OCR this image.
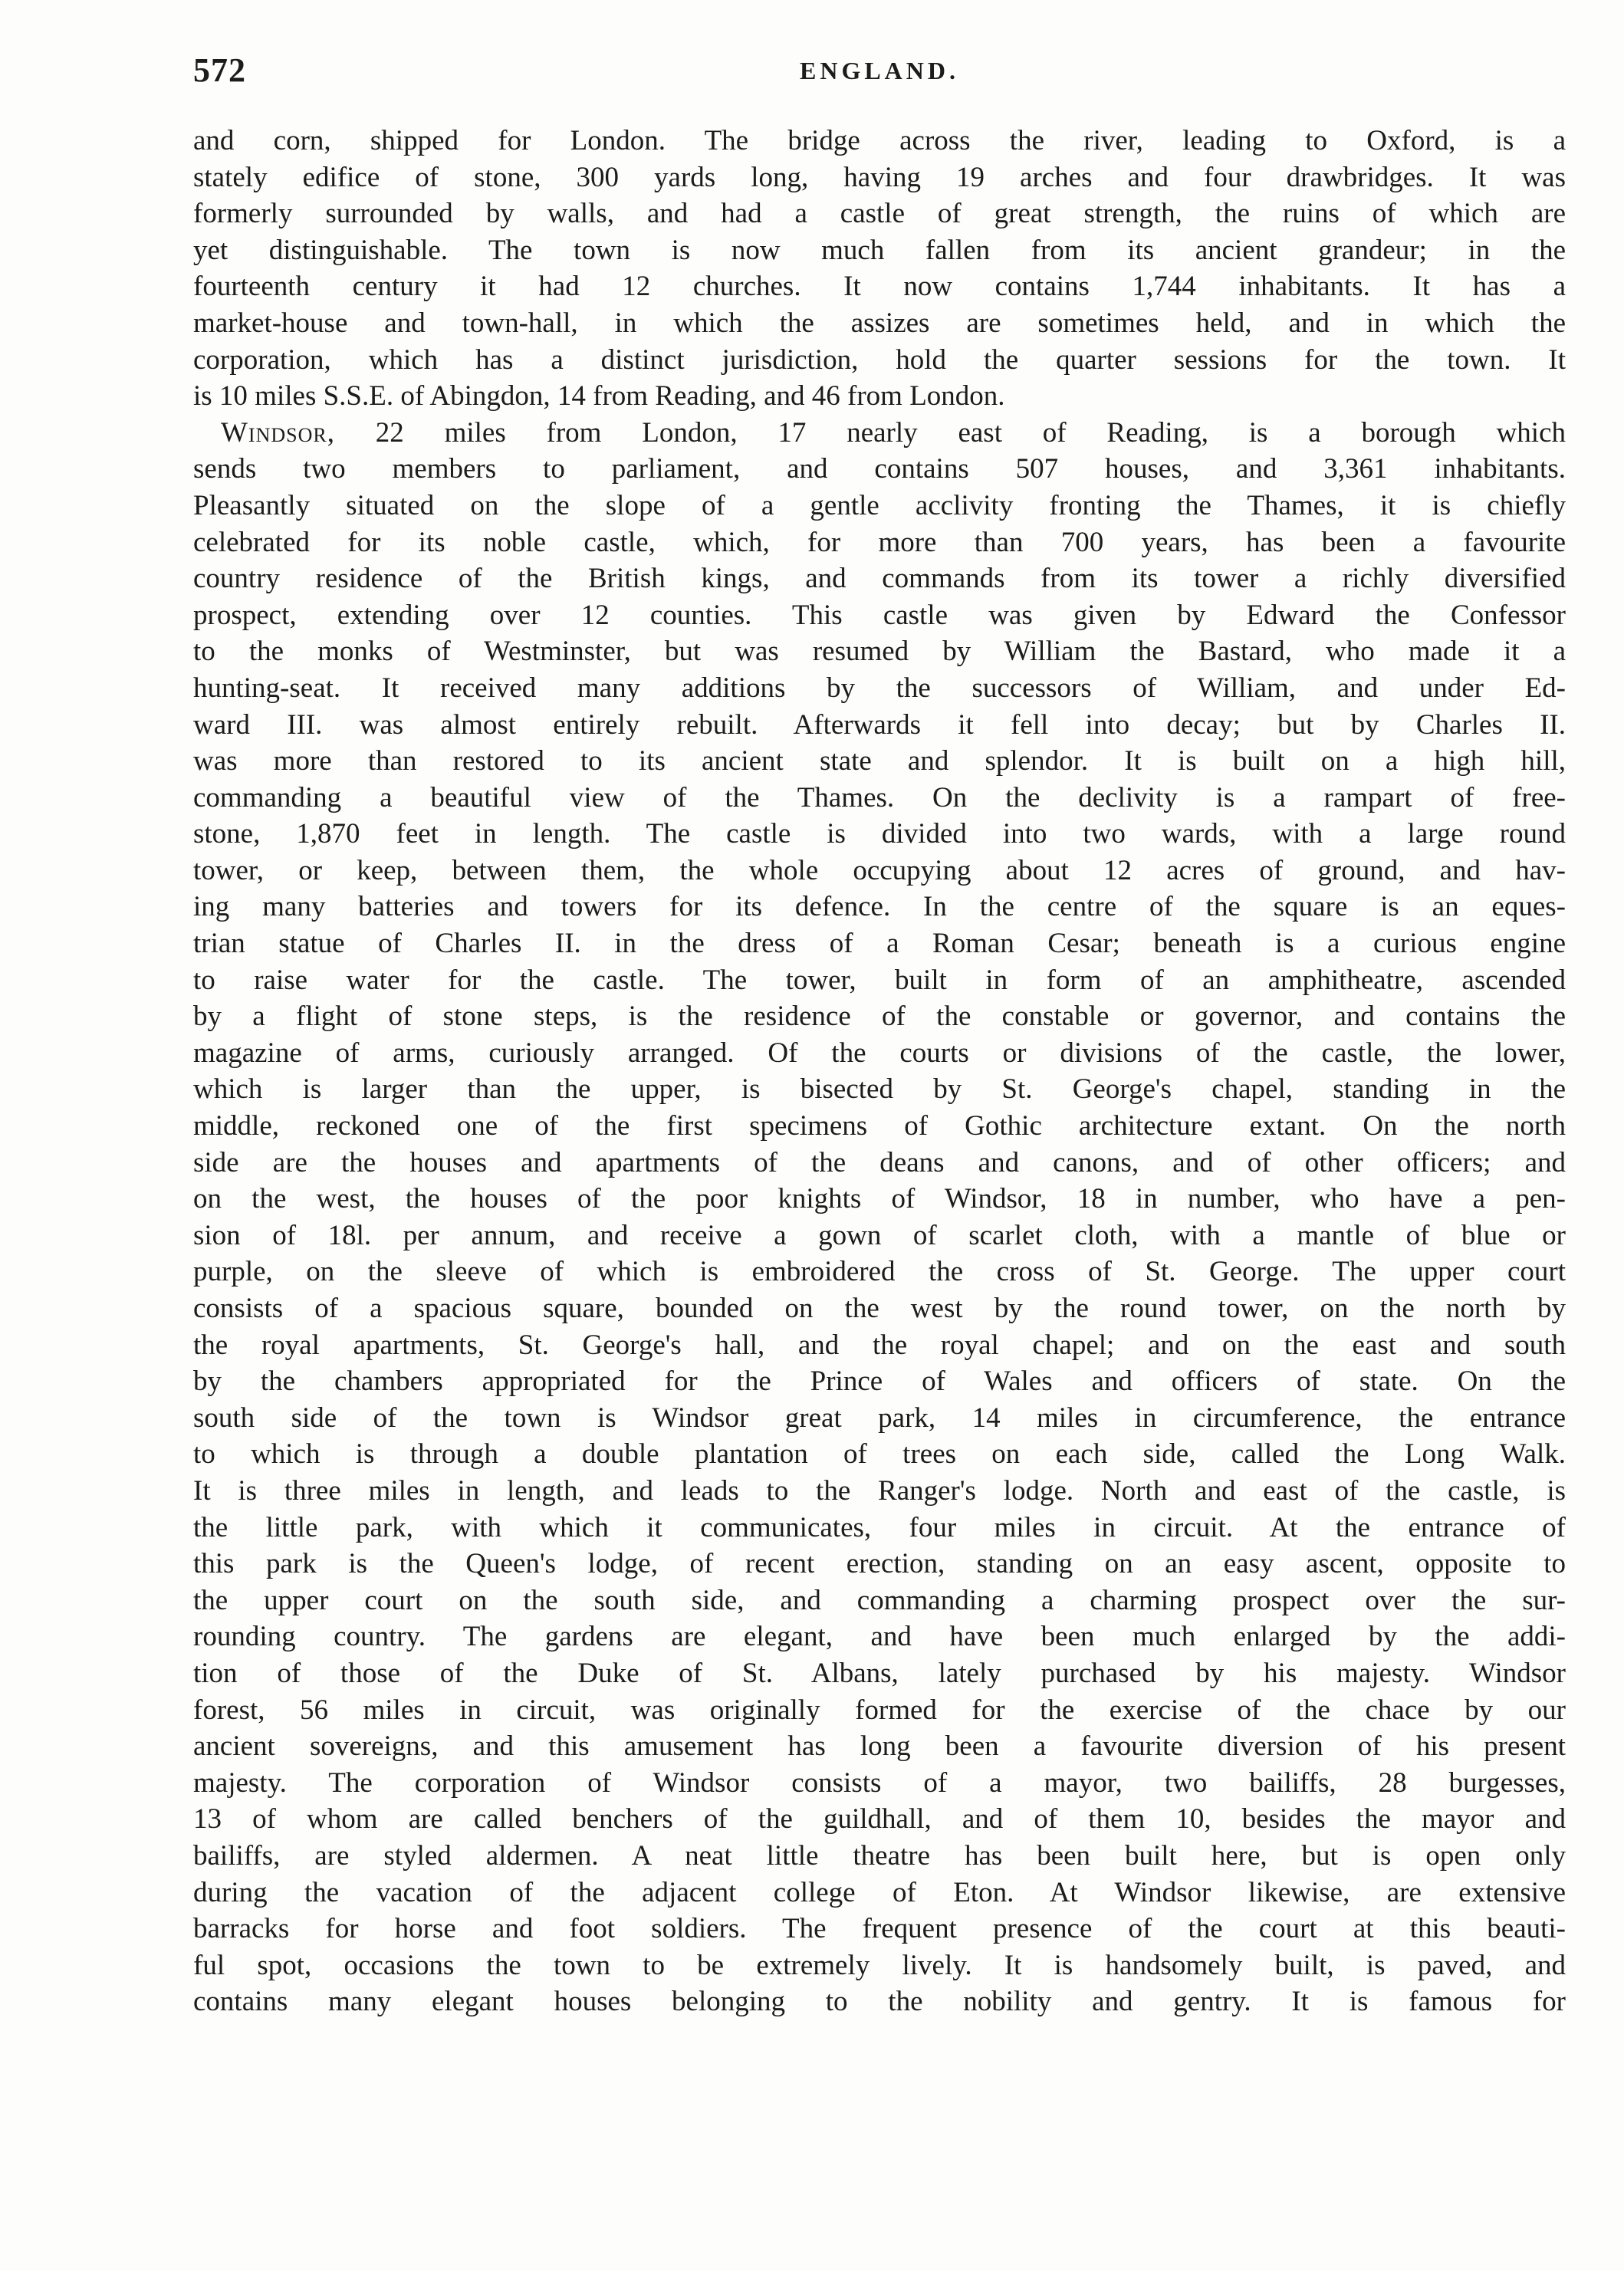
572	ENGLAND.
and corn, shipped for London. The bridge across the river, leading to Oxford, is a
stately edifice of stone, 300 yards long, having 19 arches and four drawbridges. It was
formerly surrounded by walls, and had a castle of great strength, the ruins of which are
yet distinguishable. The town is now much fallen from its ancient grandeur; in the
fourteenth century it had 12 churches. It now contains 1,744 inhabitants. It has a
market-house and town-hall, in which the assizes are sometimes held, and in which the
corporation, which has a distinct jurisdiction, hold the quarter sessions for the town. It
is 10 miles S.S.E. of Abingdon, 14 from Reading, and 46 from London.
Windsor, 22 miles from London, 17 nearly east of Reading, is a borough which
sends two members to parliament, and contains 507 houses, and 3,361 inhabitants.
Pleasantly situated on the slope of a gentle acclivity fronting the Thames, it is chiefly
celebrated for its noble castle, which, for more than 700 years, has been a favourite
country residence of the British kings, and commands from its tower a richly diversified
prospect, extending over 12 counties. This castle was given by Edward the Confessor
to the monks of Westminster, but was resumed by William the Bastard, who made it a
hunting-seat. It received many additions by the successors of William, and under Ed-
ward III. was almost entirely rebuilt. Afterwards it fell into decay; but by Charles II.
was more than restored to its ancient state and splendor. It is built on a high hill,
commanding a beautiful view of the Thames. On the declivity is a rampart of free-
stone, 1,870 feet in length. The castle is divided into two wards, with a large round
tower, or keep, between them, the whole occupying about 12 acres of ground, and hav-
ing many batteries and towers for its defence. In the centre of the square is an eques-
trian statue of Charles II. in the dress of a Roman Cesar; beneath is a curious engine
to raise water for the castle. The tower, built in form of an amphitheatre, ascended
by a flight of stone steps, is the residence of the constable or governor, and contains the
magazine of arms, curiously arranged. Of the courts or divisions of the castle, the lower,
which is larger than the upper, is bisected by St. George's chapel, standing in the
middle, reckoned one of the first specimens of Gothic architecture extant. On the north
side are the houses and apartments of the deans and canons, and of other officers; and
on the west, the houses of the poor knights of Windsor, 18 in number, who have a pen-
sion of 18l. per annum, and receive a gown of scarlet cloth, with a mantle of blue or
purple, on the sleeve of which is embroidered the cross of St. George. The upper court
consists of a spacious square, bounded on the west by the round tower, on the north by
the royal apartments, St. George's hall, and the royal chapel; and on the east and south
by the chambers appropriated for the Prince of Wales and officers of state. On the
south side of the town is Windsor great park, 14 miles in circumference, the entrance
to which is through a double plantation of trees on each side, called the Long Walk.
It is three miles in length, and leads to the Ranger's lodge. North and east of the castle, is
the little park, with which it communicates, four miles in circuit. At the entrance of
this park is the Queen's lodge, of recent erection, standing on an easy ascent, opposite to
the upper court on the south side, and commanding a charming prospect over the sur-
rounding country. The gardens are elegant, and have been much enlarged by the addi-
tion of those of the Duke of St. Albans, lately purchased by his majesty. Windsor
forest, 56 miles in circuit, was originally formed for the exercise of the chace by our
ancient sovereigns, and this amusement has long been a favourite diversion of his present
majesty. The corporation of Windsor consists of a mayor, two bailiffs, 28 burgesses,
13 of whom are called benchers of the guildhall, and of them 10, besides the mayor and
bailiffs, are styled aldermen. A neat little theatre has been built here, but is open only
during the vacation of the adjacent college of Eton. At Windsor likewise, are extensive
barracks for horse and foot soldiers. The frequent presence of the court at this beauti-
ful spot, occasions the town to be extremely lively. It is handsomely built, is paved, and
contains many elegant houses belonging to the nobility and gentry. It is famous for
